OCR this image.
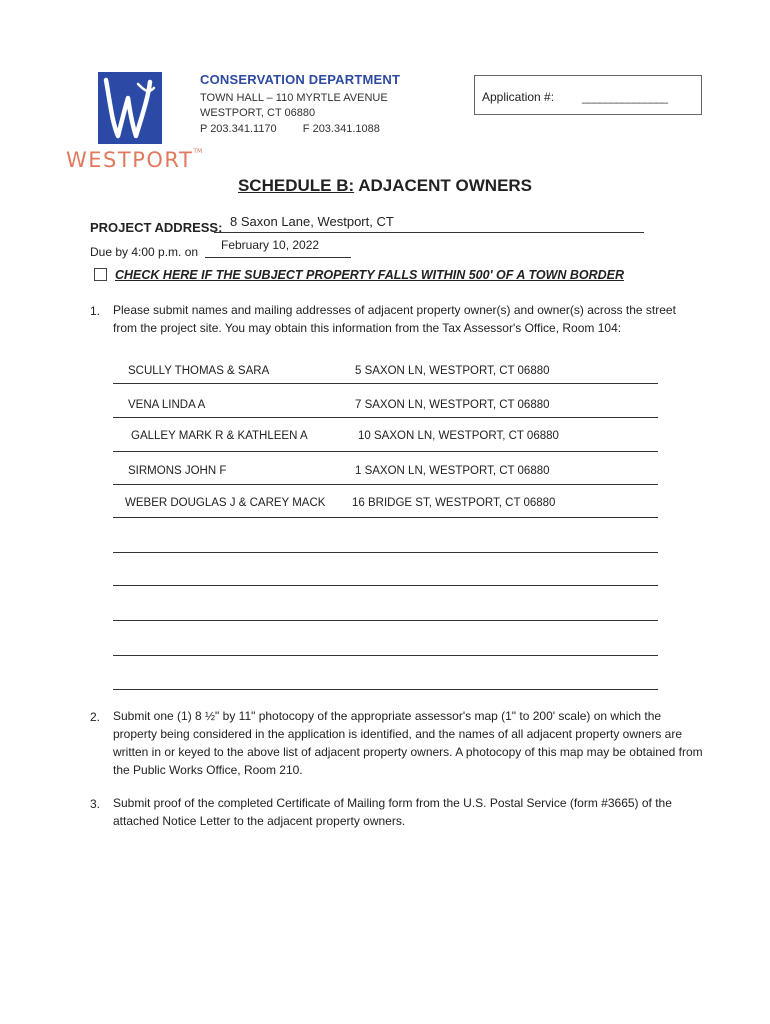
WESTPORT™
CONSERVATION DEPARTMENT
TOWN HALL – 110 MYRTLE AVENUE
WESTPORT, CT 06880
P 203.341.1170 F 203.341.1088
Application #: _______________
SCHEDULE B: ADJACENT OWNERS
PROJECT ADDRESS: 8 Saxon Lane, Westport, CT
Due by 4:00 p.m. on February 10, 2022
CHECK HERE IF THE SUBJECT PROPERTY FALLS WITHIN 500' OF A TOWN BORDER
1. Please submit names and mailing addresses of adjacent property owner(s) and owner(s) across the street from the project site. You may obtain this information from the Tax Assessor's Office, Room 104:
SCULLY THOMAS & SARA	5 SAXON LN, WESTPORT, CT 06880
VENA LINDA A	7 SAXON LN, WESTPORT, CT 06880
GALLEY MARK R & KATHLEEN A	10 SAXON LN, WESTPORT, CT 06880
SIRMONS JOHN F	1 SAXON LN, WESTPORT, CT 06880
WEBER DOUGLAS J & CAREY MACK 16 BRIDGE ST, WESTPORT, CT 06880
2. Submit one (1) 8 ½" by 11" photocopy of the appropriate assessor's map (1" to 200' scale) on which the property being considered in the application is identified, and the names of all adjacent property owners are written in or keyed to the above list of adjacent property owners. A photocopy of this map may be obtained from the Public Works Office, Room 210.
3. Submit proof of the completed Certificate of Mailing form from the U.S. Postal Service (form #3665) of the attached Notice Letter to the adjacent property owners.
